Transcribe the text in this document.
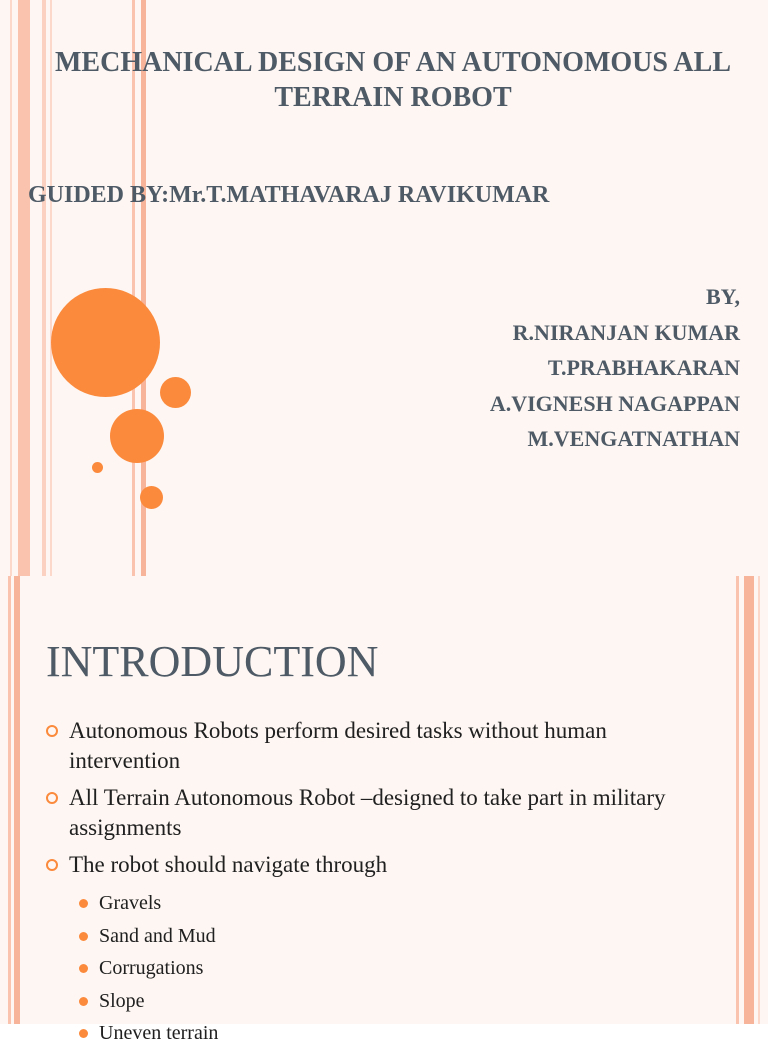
MECHANICAL DESIGN OF AN AUTONOMOUS ALL TERRAIN ROBOT
GUIDED BY:Mr.T.MATHAVARAJ RAVIKUMAR
BY,
R.NIRANJAN KUMAR
T.PRABHAKARAN
A.VIGNESH NAGAPPAN
M.VENGATNATHAN
INTRODUCTION
Autonomous Robots perform desired tasks without human intervention
All Terrain Autonomous Robot –designed to take part in military assignments
The robot should navigate through
Gravels
Sand and Mud
Corrugations
Slope
Uneven terrain
